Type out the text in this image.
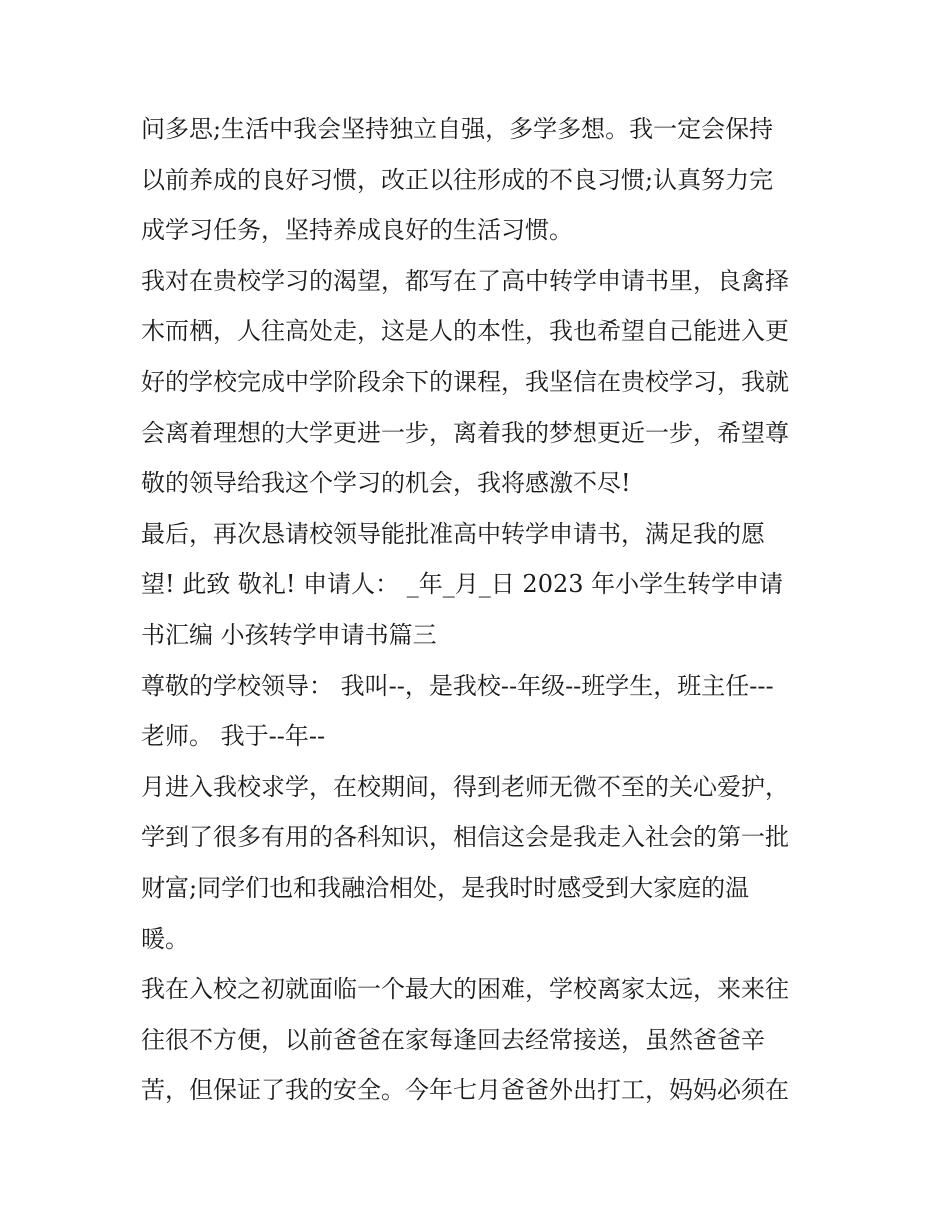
问多思;生活中我会坚持独立自强，多学多想。我一定会保持
以前养成的良好习惯，改正以往形成的不良习惯;认真努力完
成学习任务，坚持养成良好的生活习惯。
我对在贵校学习的渴望，都写在了高中转学申请书里，良禽择
木而栖，人往高处走，这是人的本性，我也希望自己能进入更
好的学校完成中学阶段余下的课程，我坚信在贵校学习，我就
会离着理想的大学更进一步，离着我的梦想更近一步，希望尊
敬的领导给我这个学习的机会，我将感激不尽!
最后，再次恳请校领导能批准高中转学申请书，满足我的愿
望! 此致 敬礼! 申请人： _年_月_日 2023 年小学生转学申请
书汇编 小孩转学申请书篇三
尊敬的学校领导： 我叫--，是我校--年级--班学生，班主任---
老师。 我于--年--
月进入我校求学，在校期间，得到老师无微不至的关心爱护，
学到了很多有用的各科知识，相信这会是我走入社会的第一批
财富;同学们也和我融洽相处，是我时时感受到大家庭的温
暖。
我在入校之初就面临一个最大的困难，学校离家太远，来来往
往很不方便，以前爸爸在家每逢回去经常接送，虽然爸爸辛
苦，但保证了我的安全。今年七月爸爸外出打工，妈妈必须在
